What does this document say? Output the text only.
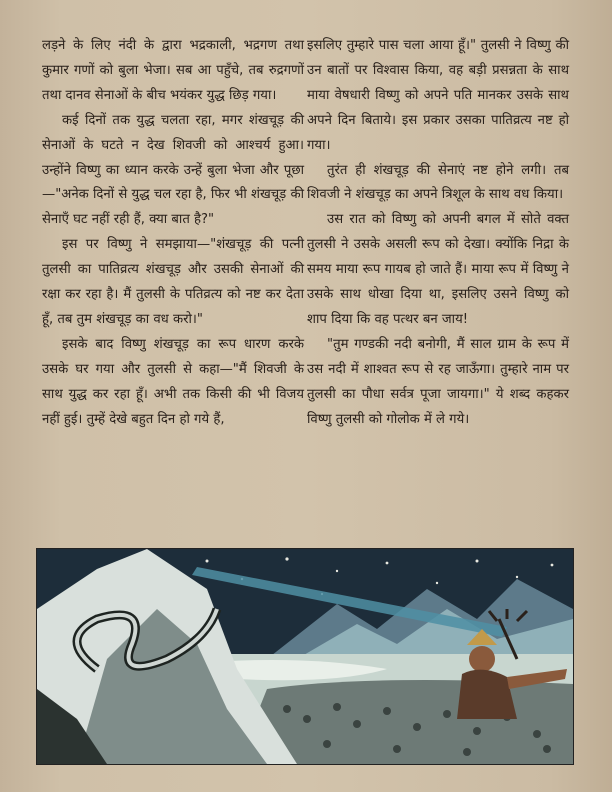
लड़ने के लिए नंदी के द्वारा भद्रकाली, भद्रगण तथा कुमार गणों को बुला भेजा। सब आ पहुँचे, तब रुद्रगणों तथा दानव सेनाओं के बीच भयंकर युद्ध छिड़ गया।

कई दिनों तक युद्ध चलता रहा, मगर शंखचूड़ की सेनाओं के घटते न देख शिवजी को आश्चर्य हुआ। उन्होंने विष्णु का ध्यान करके उन्हें बुला भेजा और पूछा—"अनेक दिनों से युद्ध चल रहा है, फिर भी शंखचूड़ की सेनाएँ घट नहीं रही हैं, क्या बात है?"

इस पर विष्णु ने समझाया—"शंखचूड़ की पत्नी तुलसी का पातिव्रत्य शंखचूड़ और उसकी सेनाओं की रक्षा कर रहा है। मैं तुलसी के पतिव्रत्य को नष्ट कर देता हूँ, तब तुम शंखचूड़ का वध करो।"

इसके बाद विष्णु शंखचूड़ का रूप धारण करके उसके घर गया और तुलसी से कहा—"मैं शिवजी के साथ युद्ध कर रहा हूँ। अभी तक किसी की भी विजय नहीं हुई। तुम्हें देखे बहुत दिन हो गये हैं,

इसलिए तुम्हारे पास चला आया हूँ।" तुलसी ने विष्णु की उन बातों पर विश्वास किया, वह बड़ी प्रसन्नता के साथ माया वेषधारी विष्णु को अपने पति मानकर उसके साथ अपने दिन बिताये। इस प्रकार उसका पातिव्रत्य नष्ट हो गया।

तुरंत ही शंखचूड़ की सेनाएं नष्ट होने लगी। तब शिवजी ने शंखचूड़ का अपने त्रिशूल के साथ वध किया।

उस रात को विष्णु को अपनी बगल में सोते वक्त तुलसी ने उसके असली रूप को देखा। क्योंकि निद्रा के समय माया रूप गायब हो जाते हैं। माया रूप में विष्णु ने उसके साथ धोखा दिया था, इसलिए उसने विष्णु को शाप दिया कि वह पत्थर बन जाय!

"तुम गण्डकी नदी बनोगी, मैं साल ग्राम के रूप में उस नदी में शाश्वत रूप से रह जाऊँगा। तुम्हारे नाम पर तुलसी का पौधा सर्वत्र पूजा जायगा।" ये शब्द कहकर विष्णु तुलसी को गोलोक में ले गये।
